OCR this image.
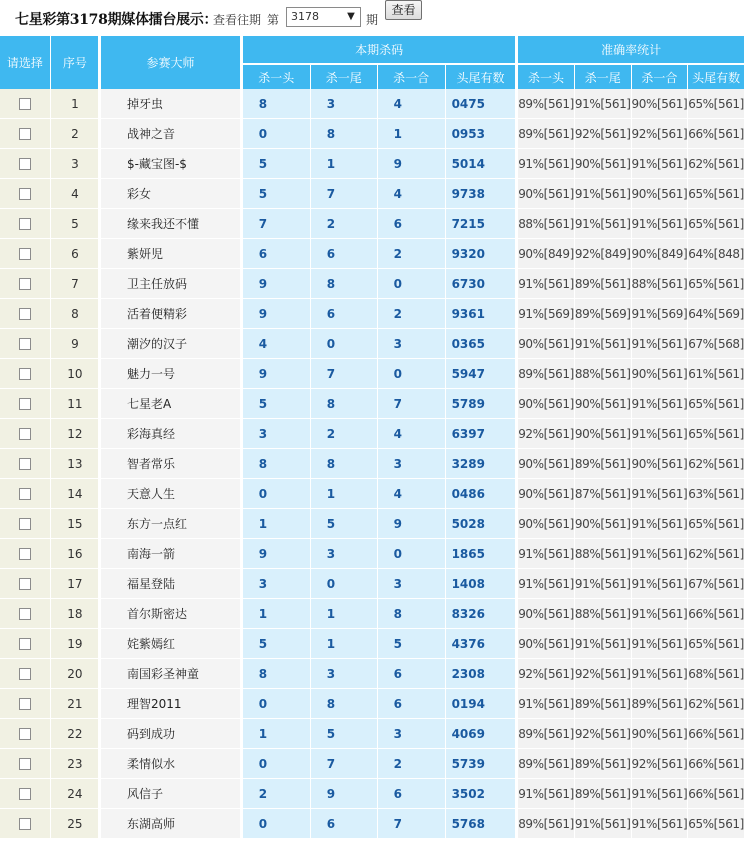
七星彩第3178期媒体擂台展示：
查看往期 第	3178	▼ 期
查看
请选择		序号		参赛大师		本期杀码					准确率统计			
					杀一头		杀一尾		杀一合		头尾有数		杀一头		杀一尾		杀一合		头尾有数
		1		掉牙虫		8		3		4		0475		89%[561]		91%[561]		90%[561]		65%[561]
		2		战神之音		0		8		1		0953		89%[561]		92%[561]		92%[561]		66%[561]
		3		$-藏宝图-$		5		1		9		5014		91%[561]		90%[561]		91%[561]		62%[561]
		4		彩女		5		7		4		9738		90%[561]		91%[561]		90%[561]		65%[561]
		5		缘来我还不懂		7		2		6		7215		88%[561]		91%[561]		91%[561]		65%[561]
		6		紫妍児		6		6		2		9320		90%[849]		92%[849]		90%[849]		64%[848]
		7		卫主任放码		9		8		0		6730		91%[561]		89%[561]		88%[561]		65%[561]
		8		活着便精彩		9		6		2		9361		91%[569]		89%[569]		91%[569]		64%[569]
		9		潮汐的汉子		4		0		3		0365		90%[561]		91%[561]		91%[561]		67%[568]
		10		魅力一号		9		7		0		5947		89%[561]		88%[561]		90%[561]		61%[561]
		11		七星老A		5		8		7		5789		90%[561]		90%[561]		91%[561]		65%[561]
		12		彩海真经		3		2		4		6397		92%[561]		90%[561]		91%[561]		65%[561]
		13		智者常乐		8		8		3		3289		90%[561]		89%[561]		90%[561]		62%[561]
		14		天意人生		0		1		4		0486		90%[561]		87%[561]		91%[561]		63%[561]
		15		东方一点红		1		5		9		5028		90%[561]		90%[561]		91%[561]		65%[561]
		16		南海一箭		9		3		0		1865		91%[561]		88%[561]		91%[561]		62%[561]
		17		福星登陆		3		0		3		1408		91%[561]		91%[561]		91%[561]		67%[561]
		18		首尔斯密达		1		1		8		8326		90%[561]		88%[561]		91%[561]		66%[561]
		19		姹紫嫣红		5		1		5		4376		90%[561]		91%[561]		91%[561]		65%[561]
		20		南国彩圣神童		8		3		6		2308		92%[561]		92%[561]		91%[561]		68%[561]
		21		理智2011		0		8		6		0194		91%[561]		89%[561]		89%[561]		62%[561]
		22		码到成功		1		5		3		4069		89%[561]		92%[561]		90%[561]		66%[561]
		23		柔情似水		0		7		2		5739		89%[561]		89%[561]		92%[561]		66%[561]
		24		风信子		2		9		6		3502		91%[561]		89%[561]		91%[561]		66%[561]
		25		东湖高师		0		6		7		5768		89%[561]		91%[561]		91%[561]		65%[561]
